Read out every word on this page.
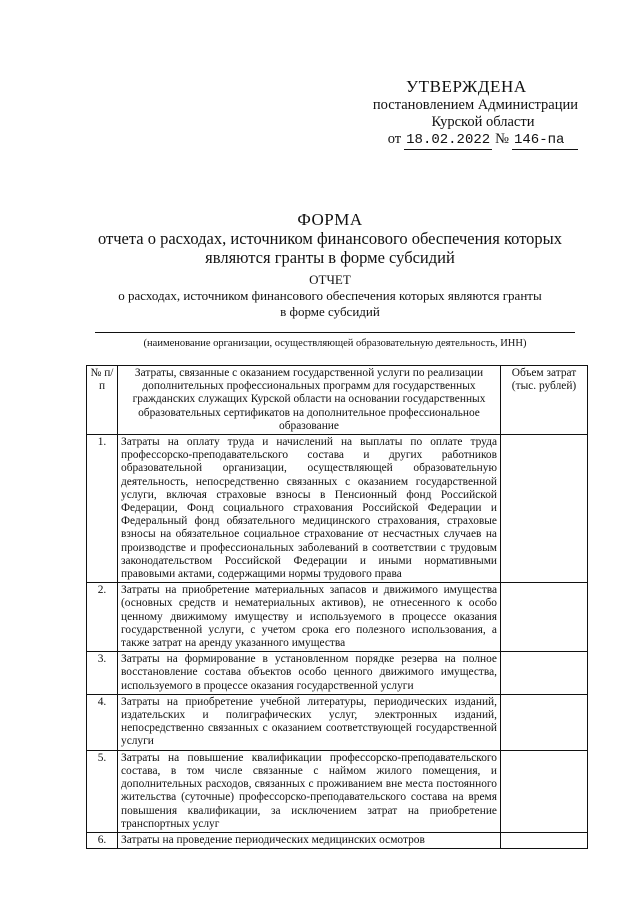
УТВЕРЖДЕНА
постановлением Администрации
Курской области
от 18.02.2022 № 146-па
ФОРМА
отчета о расходах, источником финансового обеспечения которых
являются гранты в форме субсидий
ОТЧЕТ
о расходах, источником финансового обеспечения которых являются гранты
в форме субсидий
(наименование организации, осуществляющей образовательную деятельность, ИНН)
№ п/п	Затраты, связанные с оказанием государственной услуги по реализации дополнительных профессиональных программ для государственных гражданских служащих Курской области на основании государственных образовательных сертификатов на дополнительное профессиональное образование	Объем затрат (тыс. рублей)
1.	Затраты на оплату труда и начислений на выплаты по оплате труда профессорско-преподавательского состава и других работников образовательной организации, осуществляющей образовательную деятельность, непосредственно связанных с оказанием государственной услуги, включая страховые взносы в Пенсионный фонд Российской Федерации, Фонд социального страхования Российской Федерации и Федеральный фонд обязательного медицинского страхования, страховые взносы на обязательное социальное страхование от несчастных случаев на производстве и профессиональных заболеваний в соответствии с трудовым законодательством Российской Федерации и иными нормативными правовыми актами, содержащими нормы трудового права	
2.	Затраты на приобретение материальных запасов и движимого имущества (основных средств и нематериальных активов), не отнесенного к особо ценному движимому имуществу и используемого в процессе оказания государственной услуги, с учетом срока его полезного использования, а также затрат на аренду указанного имущества	
3.	Затраты на формирование в установленном порядке резерва на полное восстановление состава объектов особо ценного движимого имущества, используемого в процессе оказания государственной услуги	
4.	Затраты на приобретение учебной литературы, периодических изданий, издательских и полиграфических услуг, электронных изданий, непосредственно связанных с оказанием соответствующей государственной услуги	
5.	Затраты на повышение квалификации профессорско-преподавательского состава, в том числе связанные с наймом жилого помещения, и дополнительных расходов, связанных с проживанием вне места постоянного жительства (суточные) профессорско-преподавательского состава на время повышения квалификации, за исключением затрат на приобретение транспортных услуг	
6.	Затраты на проведение периодических медицинских осмотров	
